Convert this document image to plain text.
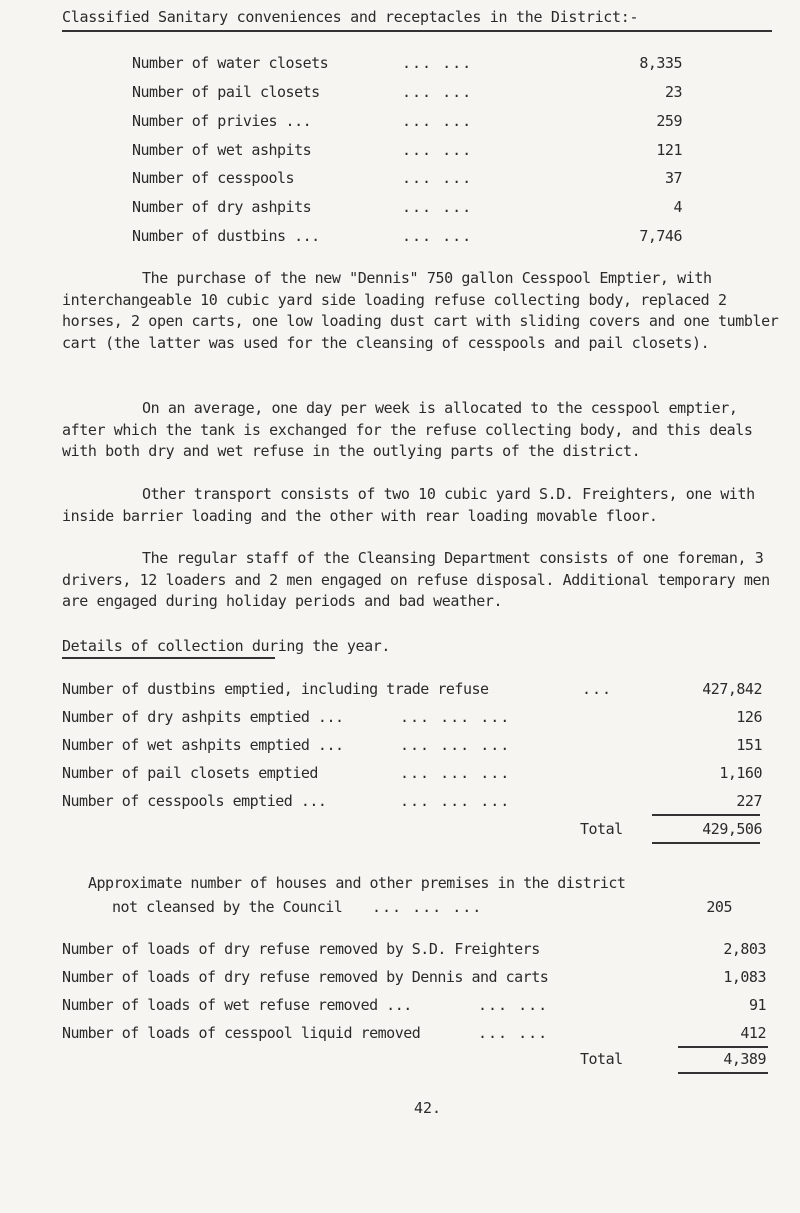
Classified Sanitary conveniences and receptacles in the District:-
Number of water closets	... ...	8,335
Number of pail closets	... ...	23
Number of privies ...	... ...	259
Number of wet ashpits	... ...	121
Number of cesspools	... ...	37
Number of dry ashpits	... ...	4
Number of dustbins ...	... ...	7,746
The purchase of the new "Dennis" 750 gallon Cesspool Emptier, with interchangeable 10 cubic yard side loading refuse collecting body, replaced 2 horses, 2 open carts, one low loading dust cart with sliding covers and one tumbler cart (the latter was used for the cleansing of cesspools and pail closets).
On an average, one day per week is allocated to the cesspool emptier, after which the tank is exchanged for the refuse collecting body, and this deals with both dry and wet refuse in the outlying parts of the district.
Other transport consists of two 10 cubic yard S.D. Freighters, one with inside barrier loading and the other with rear loading movable floor.
The regular staff of the Cleansing Department consists of one foreman, 3 drivers, 12 loaders and 2 men engaged on refuse disposal. Additional temporary men are engaged during holiday periods and bad weather.
Details of collection during the year.
Number of dustbins emptied, including trade refuse	...	427,842
Number of dry ashpits emptied ...	... ... ...	126
Number of wet ashpits emptied ...	... ... ...	151
Number of pail closets emptied	... ... ...	1,160
Number of cesspools emptied ...	... ... ...	227
Total	429,506
Approximate number of houses and other premises in the district
not cleansed by the Council ... ... ...	205
Number of loads of dry refuse removed by S.D. Freighters	2,803
Number of loads of dry refuse removed by Dennis and carts	1,083
Number of loads of wet refuse removed ...	... ...	91
Number of loads of cesspool liquid removed	... ...	412
Total	4,389
42.
